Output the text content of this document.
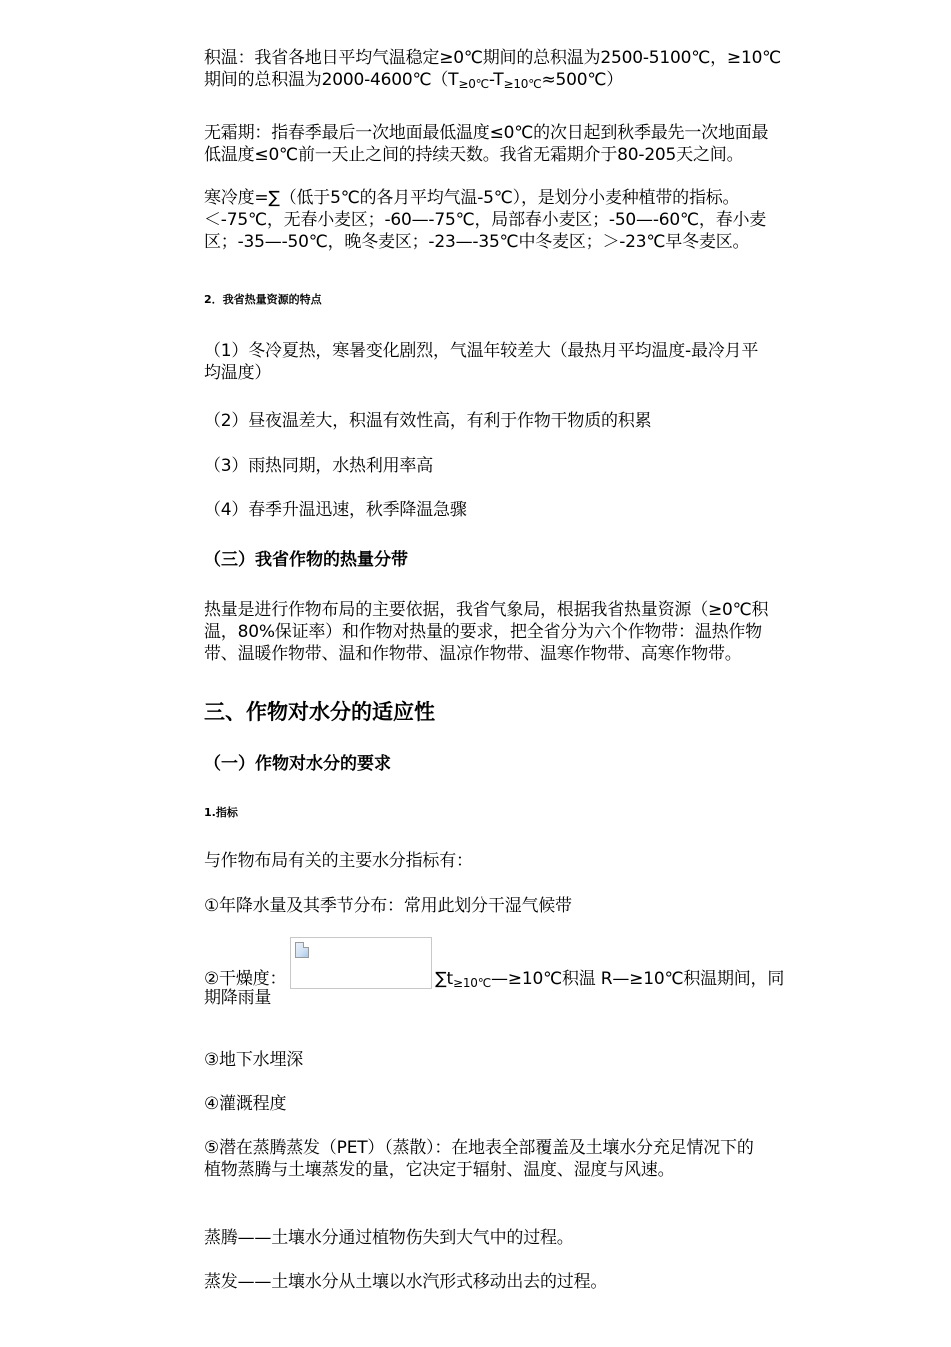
积温：我省各地日平均气温稳定≥0℃期间的总积温为2500-5100℃，≥10℃

期间的总积温为$2000-4600℃(T_{\ge 0℃}-T_{\ge 10℃}\approx 500℃)$

无霜期：指春季最后一次地面最低温度≤0℃的次日起到秋季最先一次地面最

低温度≤0℃前一天止之间的持续天数。我省无霜期介于80-205天之间。

寒冷度=∑（低于5℃的各月平均气温-5℃），是划分小麦种植带的指标。

＜-75℃，无春小麦区；-60—-75℃，局部春小麦区；-50—-60℃，春小麦

区；-35—-50℃，晚冬麦区；-23—-35℃中冬麦区；＞-23℃早冬麦区。

2．我省热量资源的特点

（1）冬冷夏热，寒暑变化剧烈，气温年较差大（最热月平均温度-最冷月平

均温度）

（2）昼夜温差大，积温有效性高，有利于作物干物质的积累

（3）雨热同期，水热利用率高

（4）春季升温迅速，秋季降温急骤

（三）我省作物的热量分带

热量是进行作物布局的主要依据，我省气象局，根据我省热量资源（≥0℃积

温，80%保证率）和作物对热量的要求，把全省分为六个作物带：温热作物

带、温暖作物带、温和作物带、温凉作物带、温寒作物带、高寒作物带。

三、作物对水分的适应性

（一）作物对水分的要求

1.指标

与作物布局有关的主要水分指标有：

①年降水量及其季节分布：常用此划分干湿气候带

②干燥度：	$\sum t_{\ge 10℃}—\ge 10℃$积温 R—≥10℃积温期间，同

期降雨量

③地下水埋深

④灌溉程度

⑤潜在蒸腾蒸发（PET）（蒸散）：在地表全部覆盖及土壤水分充足情况下的

植物蒸腾与土壤蒸发的量，它决定于辐射、温度、湿度与风速。

蒸腾——土壤水分通过植物伤失到大气中的过程。

蒸发——土壤水分从土壤以水汽形式移动出去的过程。
